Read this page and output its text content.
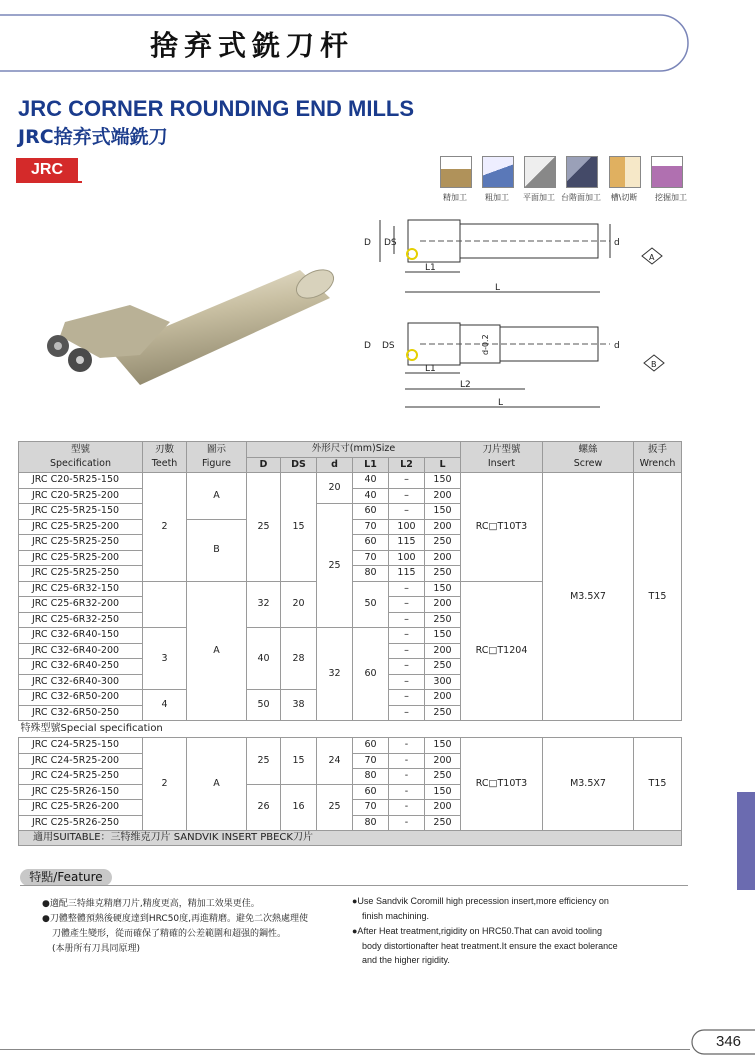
捨弃式銑刀杆
JRC CORNER ROUNDING END MILLS
JRC捨弃式端銑刀
JRC
精加工	粗加工	平面加工 台階面加工	槽\切断	挖掘加工
D DS	d
L1
L
A
D DS	d-0.2	d
L1
L2
L
B
型號
Specification	刃數
Teeth	圖示
Figure	外形尺寸(mm)Size						刀片型號
Insert	螺絲
Screw	扳手
Wrench
			D	DS	d	L1	L2	L			
JRC C20-5R25-150	2	A	25	15	20	40	–	150	RC□T10T3	M3.5X7	T15
JRC C20-5R25-200						40	–	200			
JRC C25-5R25-150					25	60	–	150			
JRC C25-5R25-200		B				70	100	200			
JRC C25-5R25-250						60	115	250			
JRC C25-5R25-200						70	100	200			
JRC C25-5R25-250						80	115	250			
JRC C25-6R32-150		A	32	20		50	–	150	RC□T1204		
JRC C25-6R32-200							–	200			
JRC C25-6R32-250							–	250			
JRC C32-6R40-150	3		40	28	32	60	–	150			
JRC C32-6R40-200							–	200			
JRC C32-6R40-250							–	250			
JRC C32-6R40-300							–	300			
JRC C32-6R50-200	4		50	38			–	200			
JRC C32-6R50-250							–	250			
特殊型號Special specification											
JRC C24-5R25-150	2	A	25	15	24	60	-	150	RC□T10T3	M3.5X7	T15
JRC C24-5R25-200						70	-	200			
JRC C24-5R25-250						80	-	250			
JRC C25-5R26-150			26	16	25	60	-	150			
JRC C25-5R26-200						70	-	200			
JRC C25-5R26-250						80	-	250			
適用SUITABLE：三特维克刀片 SANDVIK INSERT PBECK刀片											
特點/Feature
●適配三特維克精磨刀片,精度更高，精加工效果更佳。
●刀體整體預熱後硬度達到HRC50度,再進精磨。避免二次熱處理使
刀體產生變形，從而確保了精確的公差範圍和超强的鋼性。
(本册所有刀具同原理)
●Use Sandvik Coromill high precession insert,more efficiency on
finish machining.
●After Heat treatment,rigidity on HRC50.That can avoid tooling
body distortionafter heat treatment.It ensure the exact bolerance
and the higher rigidity.
346
